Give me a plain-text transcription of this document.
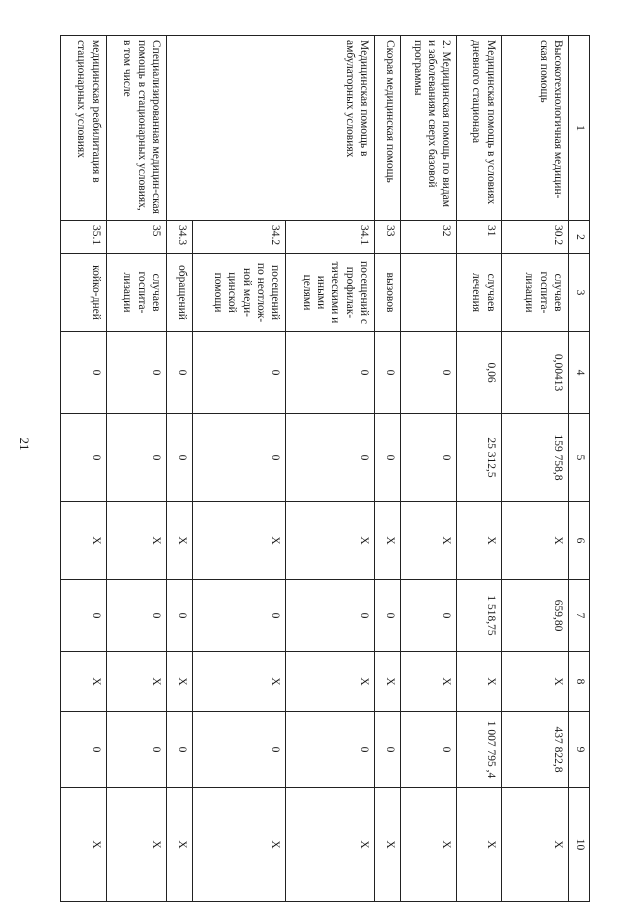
21
1	2	3	4	5	6	7	8	9	10
Высокотехнологичная медицин-ская помощь	30.2	случаев госпита-лизации	0,00413	159 758,8	Х	659,80	Х	437 822,8	Х
Медицинская помощь в условиях дневного стационара	31	случаев лечения	0,06	25 312,5	Х	1 518,75	Х	1 007 795 ,4	Х
2. Медицинская помощь по видам и заболеваниям сверх базовой программы	32		0	0	Х	0	Х	0	Х
Скорая медицинская помощь	33	вызовов	0	0	Х	0	Х	0	Х
Медицинская помощь в амбулаторных условиях	34.1	посещений с профилак-тическими и иными целями	0	0	Х	0	Х	0	Х
	34.2	посещений по неотлож-ной меди-цинской помощи	0	0	Х	0	Х	0	Х
	34.3	обращений	0	0	Х	0	Х	0	Х
Специализированная медицин-ская помощь в стационарных условиях, в том числе	35	случаев госпита-лизации	0	0	Х	0	Х	0	Х
медицинская реабилитация в стационарных условиях	35.1	койко-дней	0	0	Х	0	Х	0	Х
